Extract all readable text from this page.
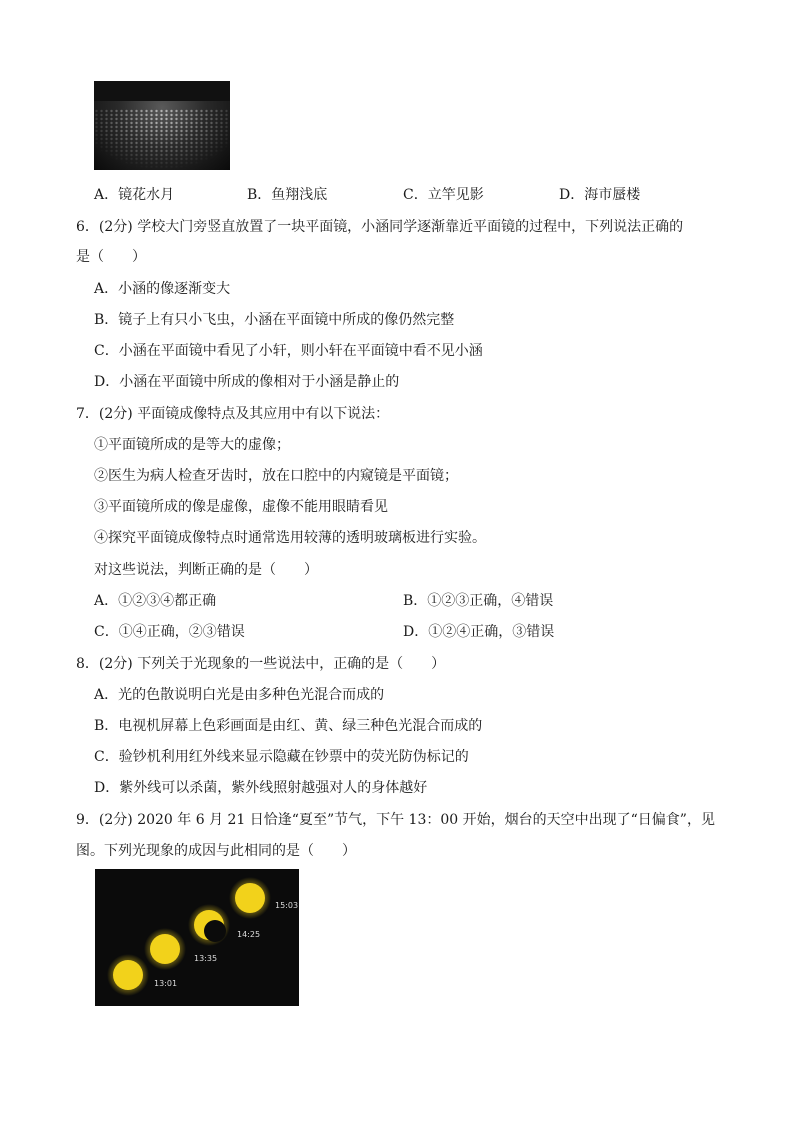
A．镜花水月	B．鱼翔浅底	C．立竿见影	D．海市蜃楼
6．(2分) 学校大门旁竖直放置了一块平面镜，小涵同学逐渐靠近平面镜的过程中，下列说法正确的
是（　　）
A．小涵的像逐渐变大
B．镜子上有只小飞虫，小涵在平面镜中所成的像仍然完整
C．小涵在平面镜中看见了小轩，则小轩在平面镜中看不见小涵
D．小涵在平面镜中所成的像相对于小涵是静止的
7．(2分) 平面镜成像特点及其应用中有以下说法：
①平面镜所成的是等大的虚像；
②医生为病人检查牙齿时，放在口腔中的内窥镜是平面镜；
③平面镜所成的像是虚像，虚像不能用眼睛看见
④探究平面镜成像特点时通常选用较薄的透明玻璃板进行实验。
对这些说法，判断正确的是（　　）
A．①②③④都正确	B．①②③正确，④错误
C．①④正确，②③错误	D．①②④正确，③错误
8．(2分) 下列关于光现象的一些说法中，正确的是（　　）
A．光的色散说明白光是由多种色光混合而成的
B．电视机屏幕上色彩画面是由红、黄、绿三种色光混合而成的
C．验钞机利用红外线来显示隐藏在钞票中的荧光防伪标记的
D．紫外线可以杀菌，紫外线照射越强对人的身体越好
9．(2分) 2020 年 6 月 21 日恰逢“夏至”节气，下午 13：00 开始，烟台的天空中出现了“日偏食”，见
图。下列光现象的成因与此相同的是（　　）
13:01
13:35
14:25
15:03
